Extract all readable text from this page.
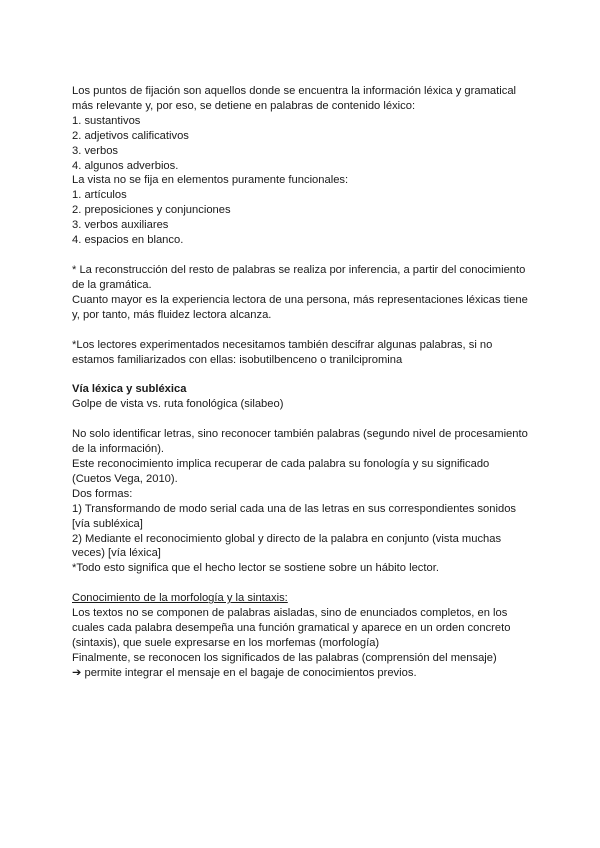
Los puntos de fijación son aquellos donde se encuentra la información léxica y gramatical
más relevante y, por eso, se detiene en palabras de contenido léxico:
1. sustantivos
2. adjetivos calificativos
3. verbos
4. algunos adverbios.
La vista no se fija en elementos puramente funcionales:
1. artículos
2. preposiciones y conjunciones
3. verbos auxiliares
4. espacios en blanco.
* La reconstrucción del resto de palabras se realiza por inferencia, a partir del conocimiento
de la gramática.
Cuanto mayor es la experiencia lectora de una persona, más representaciones léxicas tiene
y, por tanto, más fluidez lectora alcanza.
*Los lectores experimentados necesitamos también descifrar algunas palabras, si no
estamos familiarizados con ellas: isobutilbenceno o tranilcipromina
Vía léxica y subléxica
Golpe de vista vs. ruta fonológica (silabeo)
No solo identificar letras, sino reconocer también palabras (segundo nivel de procesamiento
de la información).
Este reconocimiento implica recuperar de cada palabra su fonología y su significado
(Cuetos Vega, 2010).
Dos formas:
1) Transformando de modo serial cada una de las letras en sus correspondientes sonidos
[vía subléxica]
2) Mediante el reconocimiento global y directo de la palabra en conjunto (vista muchas
veces) [vía léxica]
*Todo esto significa que el hecho lector se sostiene sobre un hábito lector.
Conocimiento de la morfología y la sintaxis:
Los textos no se componen de palabras aisladas, sino de enunciados completos, en los
cuales cada palabra desempeña una función gramatical y aparece en un orden concreto
(sintaxis), que suele expresarse en los morfemas (morfología)
Finalmente, se reconocen los significados de las palabras (comprensión del mensaje)
➔ permite integrar el mensaje en el bagaje de conocimientos previos.
